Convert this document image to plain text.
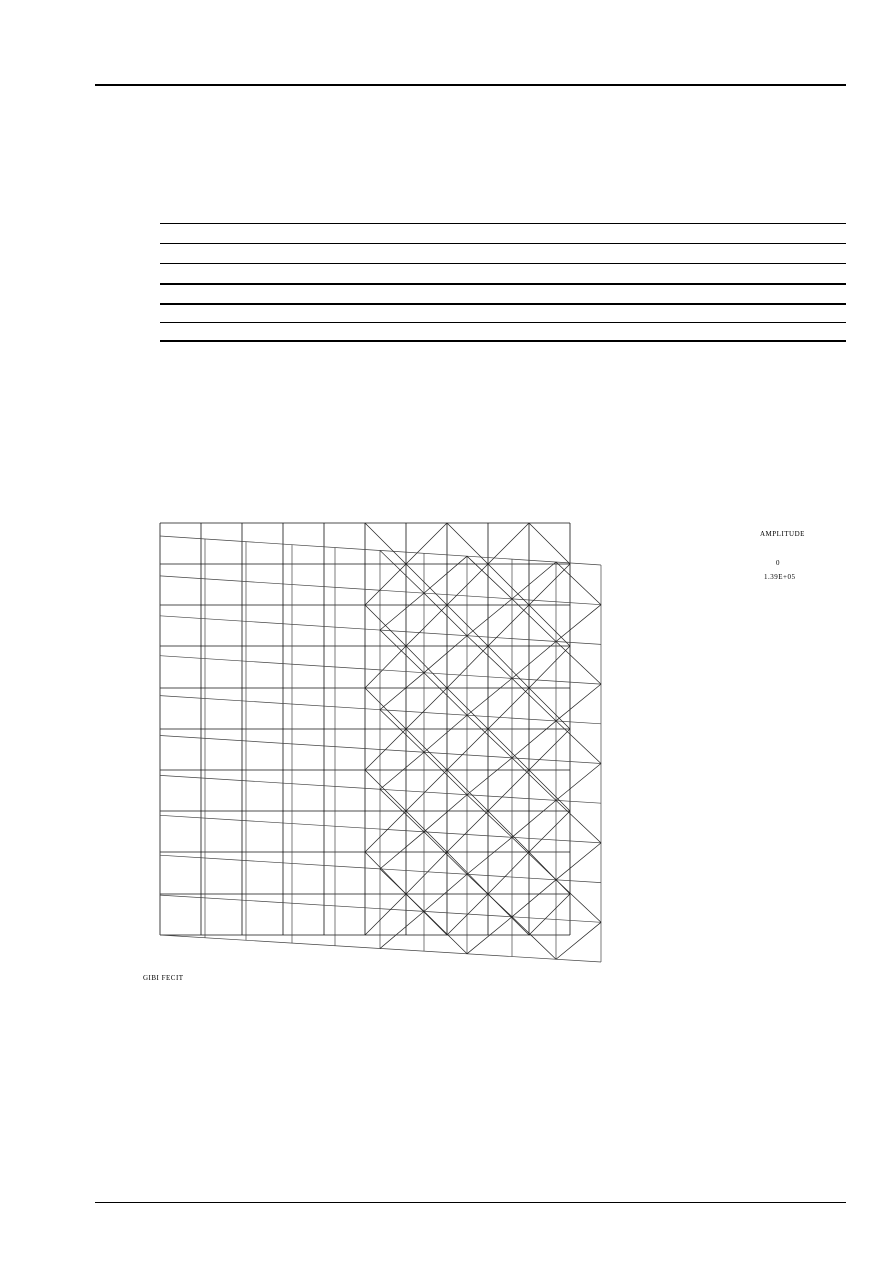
AMPLITUDE
0
1.39E+05
GIBI FECIT
